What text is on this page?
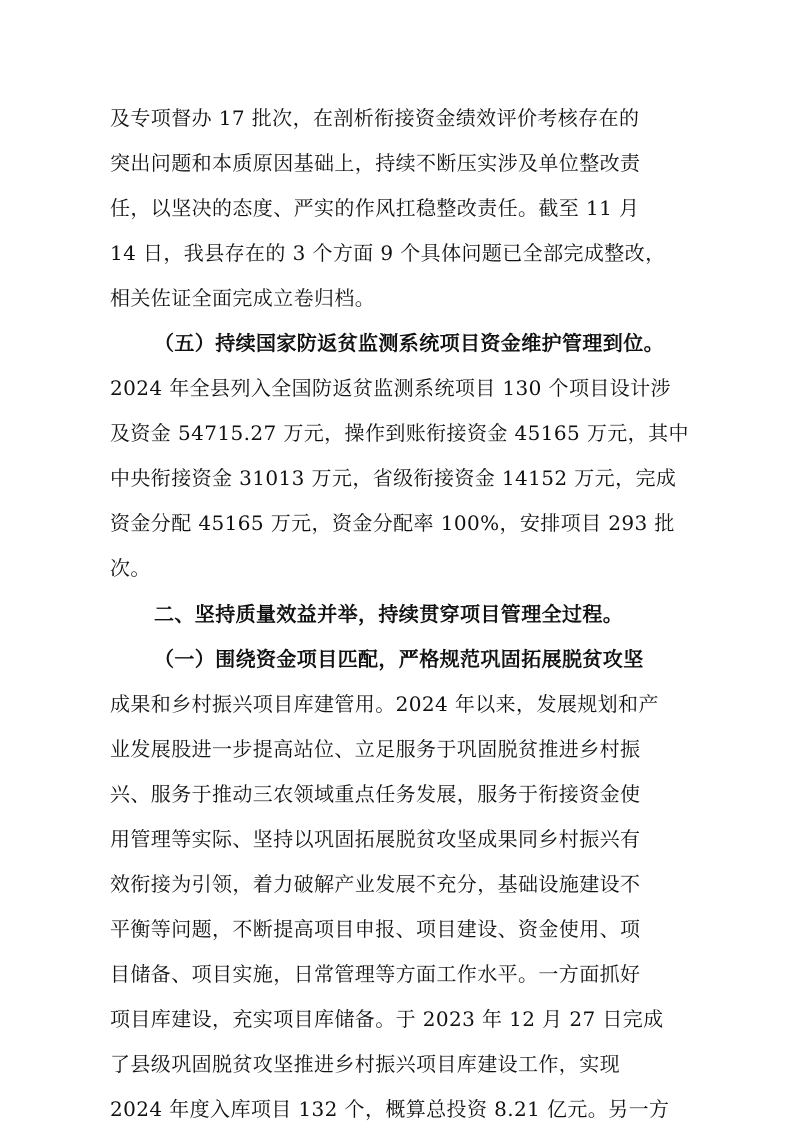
及专项督办 17 批次，在剖析衔接资金绩效评价考核存在的
突出问题和本质原因基础上，持续不断压实涉及单位整改责
任，以坚决的态度、严实的作风扛稳整改责任。截至 11 月
14 日，我县存在的 3 个方面 9 个具体问题已全部完成整改，
相关佐证全面完成立卷归档。
（五）持续国家防返贫监测系统项目资金维护管理到位。
2024 年全县列入全国防返贫监测系统项目 130 个项目设计涉
及资金 54715.27 万元，操作到账衔接资金 45165 万元，其中
中央衔接资金 31013 万元，省级衔接资金 14152 万元，完成
资金分配 45165 万元，资金分配率 100%，安排项目 293 批
次。
二、坚持质量效益并举，持续贯穿项目管理全过程。
（一）围绕资金项目匹配，严格规范巩固拓展脱贫攻坚
成果和乡村振兴项目库建管用。2024 年以来，发展规划和产
业发展股进一步提高站位、立足服务于巩固脱贫推进乡村振
兴、服务于推动三农领域重点任务发展，服务于衔接资金使
用管理等实际、坚持以巩固拓展脱贫攻坚成果同乡村振兴有
效衔接为引领，着力破解产业发展不充分，基础设施建设不
平衡等问题，不断提高项目申报、项目建设、资金使用、项
目储备、项目实施，日常管理等方面工作水平。一方面抓好
项目库建设，充实项目库储备。于 2023 年 12 月 27 日完成
了县级巩固脱贫攻坚推进乡村振兴项目库建设工作，实现
2024 年度入库项目 132 个，概算总投资 8.21 亿元。另一方
